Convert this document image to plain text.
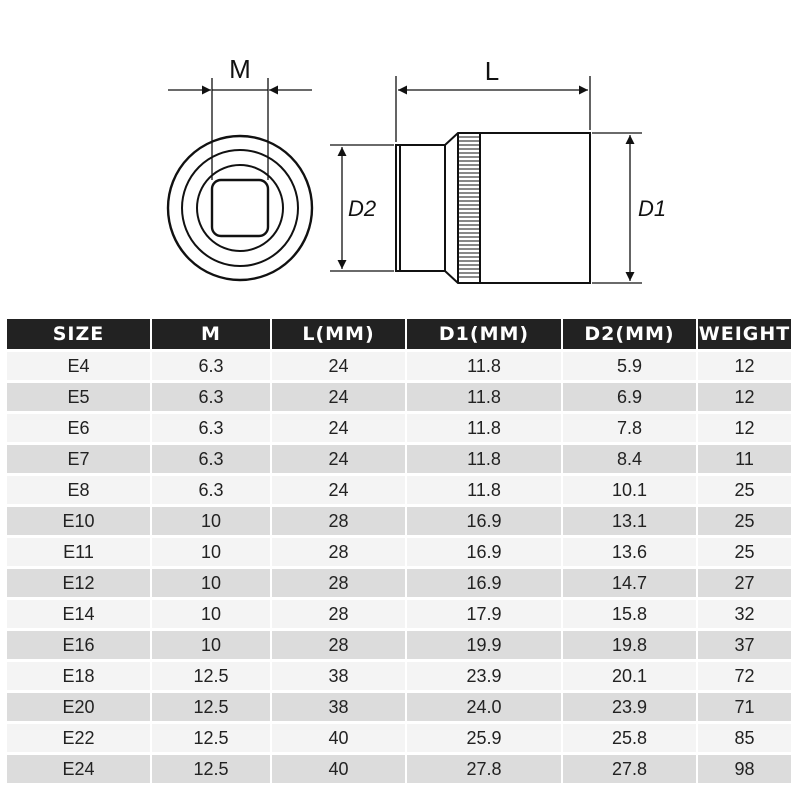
M	L
D2	D1
SIZE	M	L(MM)	D1(MM)	D2(MM)	WEIGHT
E4	6.3	24	11.8	5.9	12
E5	6.3	24	11.8	6.9	12
E6	6.3	24	11.8	7.8	12
E7	6.3	24	11.8	8.4	11
E8	6.3	24	11.8	10.1	25
E10	10	28	16.9	13.1	25
E11	10	28	16.9	13.6	25
E12	10	28	16.9	14.7	27
E14	10	28	17.9	15.8	32
E16	10	28	19.9	19.8	37
E18	12.5	38	23.9	20.1	72
E20	12.5	38	24.0	23.9	71
E22	12.5	40	25.9	25.8	85
E24	12.5	40	27.8	27.8	98
